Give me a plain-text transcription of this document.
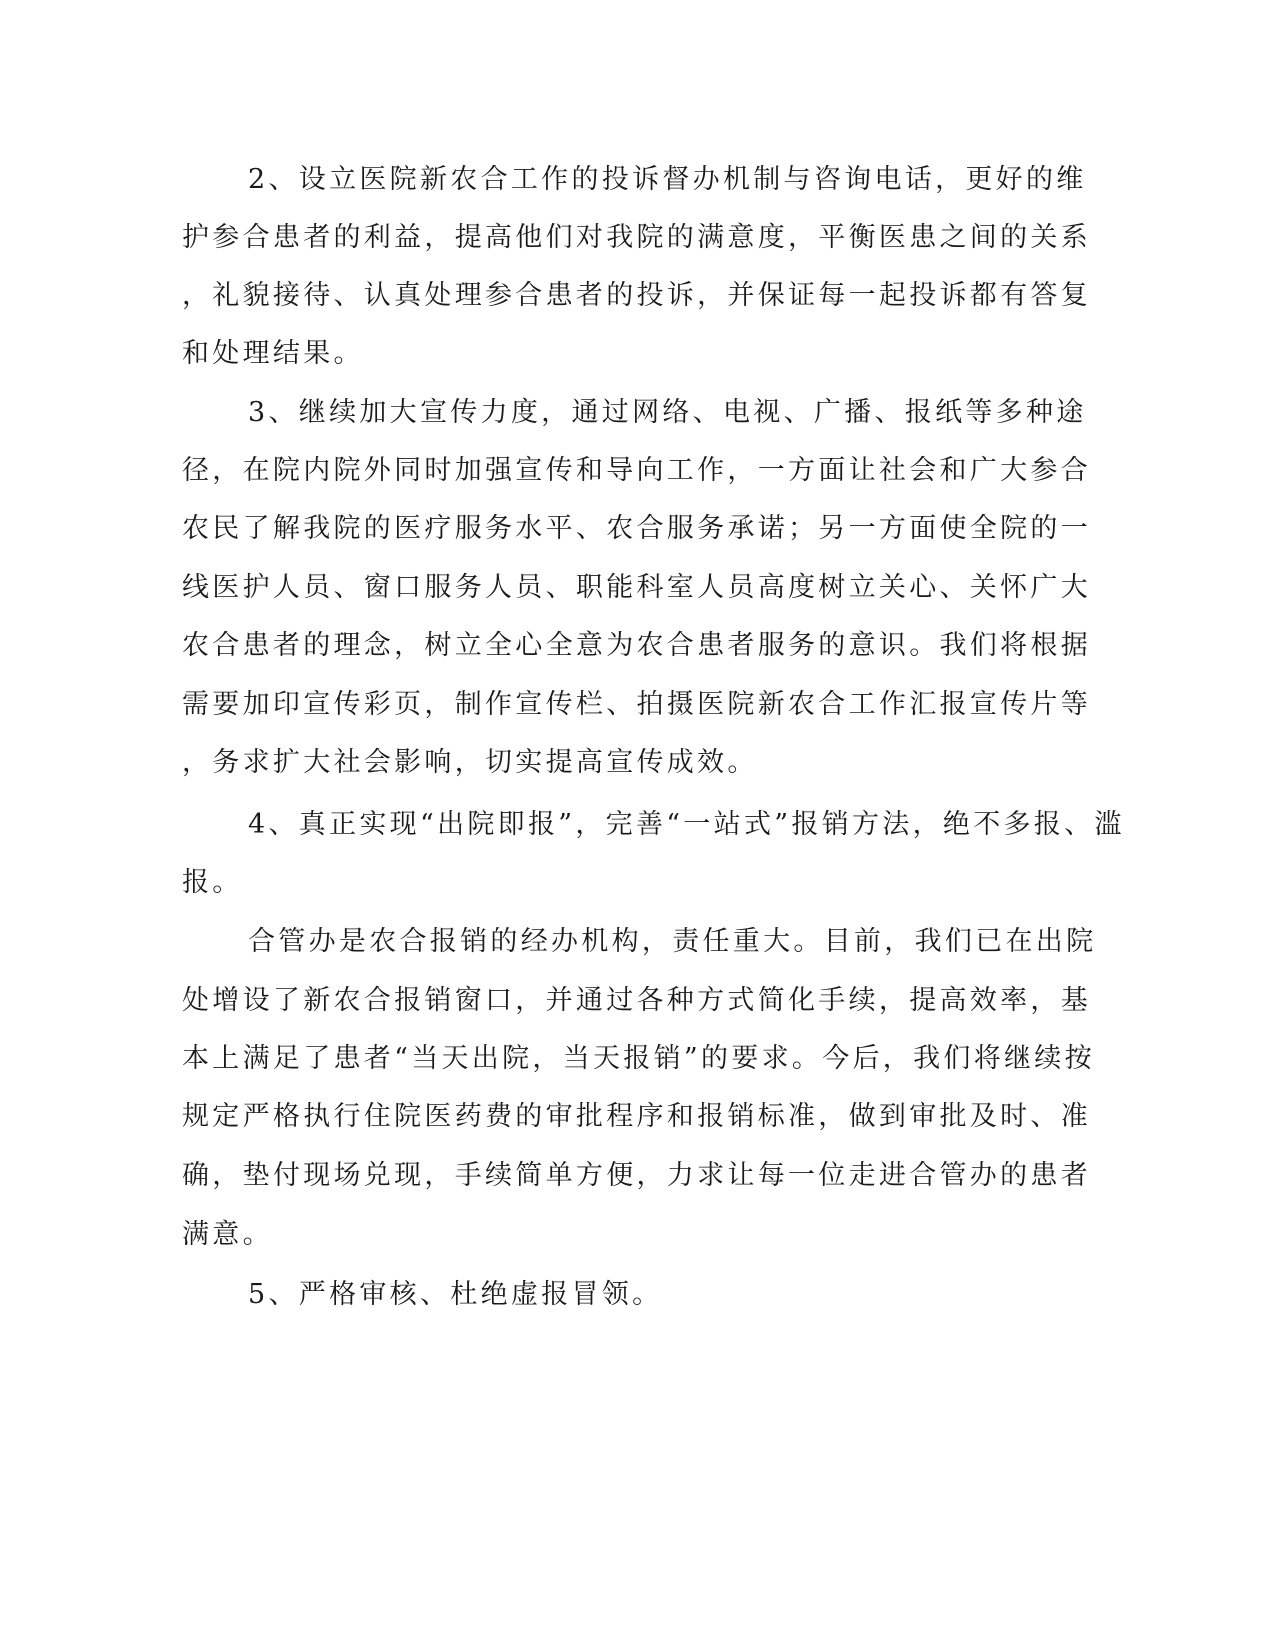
2、设立医院新农合工作的投诉督办机制与咨询电话，更好的维
护参合患者的利益，提高他们对我院的满意度，平衡医患之间的关系
，礼貌接待、认真处理参合患者的投诉，并保证每一起投诉都有答复
和处理结果。
3、继续加大宣传力度，通过网络、电视、广播、报纸等多种途
径，在院内院外同时加强宣传和导向工作，一方面让社会和广大参合
农民了解我院的医疗服务水平、农合服务承诺；另一方面使全院的一
线医护人员、窗口服务人员、职能科室人员高度树立关心、关怀广大
农合患者的理念，树立全心全意为农合患者服务的意识。我们将根据
需要加印宣传彩页，制作宣传栏、拍摄医院新农合工作汇报宣传片等
，务求扩大社会影响，切实提高宣传成效。
4、真正实现“出院即报”，完善“一站式”报销方法，绝不多报、滥
报。
合管办是农合报销的经办机构，责任重大。目前，我们已在出院
处增设了新农合报销窗口，并通过各种方式简化手续，提高效率，基
本上满足了患者“当天出院，当天报销”的要求。今后，我们将继续按
规定严格执行住院医药费的审批程序和报销标准，做到审批及时、准
确，垫付现场兑现，手续简单方便，力求让每一位走进合管办的患者
满意。
5、严格审核、杜绝虚报冒领。
